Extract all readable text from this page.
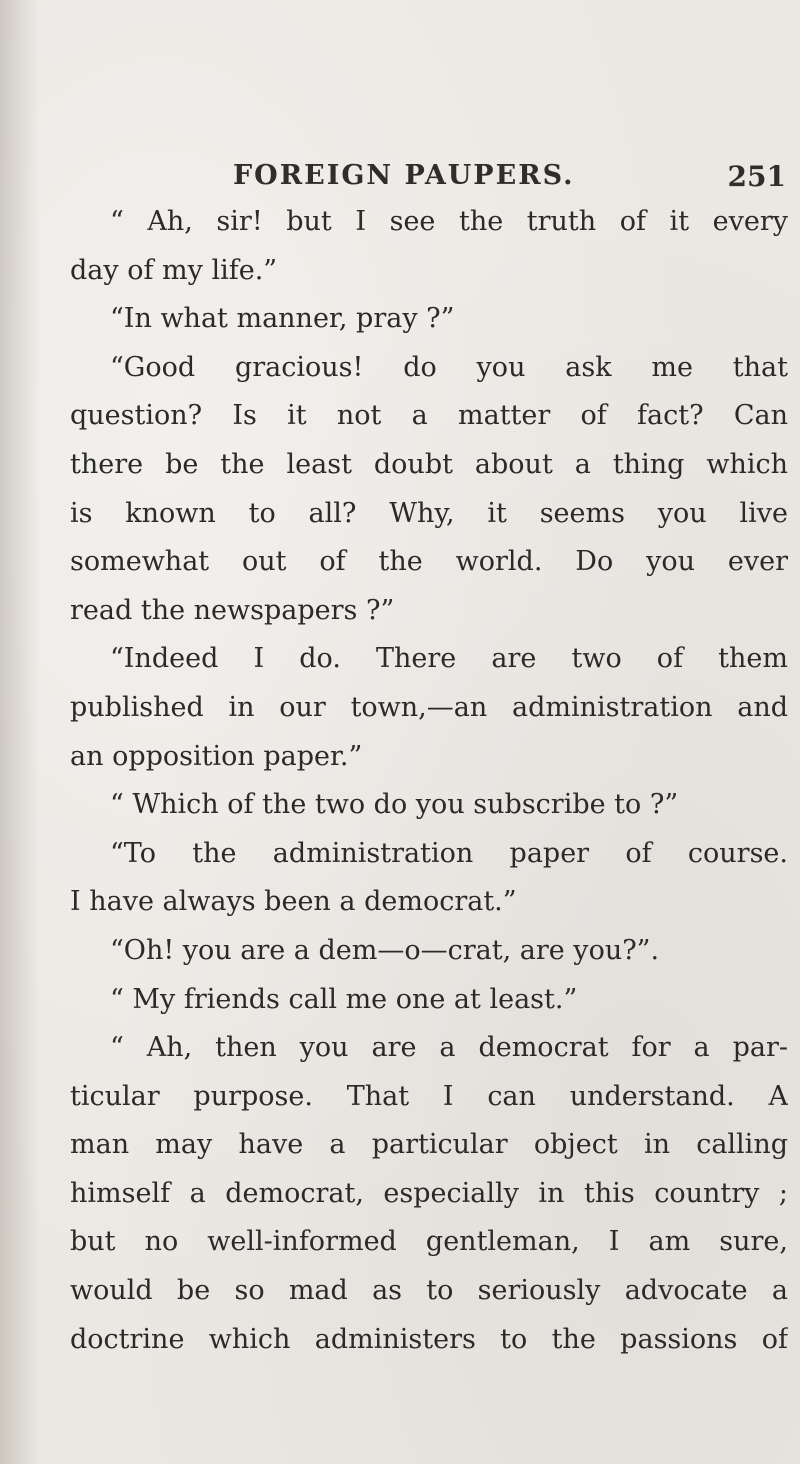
FOREIGN PAUPERS.	251
“ Ah, sir! but I see the truth of it every
day of my life.”
“In what manner, pray ?”
“Good gracious! do you ask me that
question? Is it not a matter of fact? Can
there be the least doubt about a thing which
is known to all? Why, it seems you live
somewhat out of the world. Do you ever
read the newspapers ?”
“Indeed I do. There are two of them
published in our town,—an administration and
an opposition paper.”
“ Which of the two do you subscribe to ?”
“To the administration paper of course.
I have always been a democrat.”
“Oh! you are a dem—o—crat, are you?”.
“ My friends call me one at least.”
“ Ah, then you are a democrat for a par-
ticular purpose. That I can understand. A
man may have a particular object in calling
himself a democrat, especially in this country ;
but no well-informed gentleman, I am sure,
would be so mad as to seriously advocate a
doctrine which administers to the passions of
